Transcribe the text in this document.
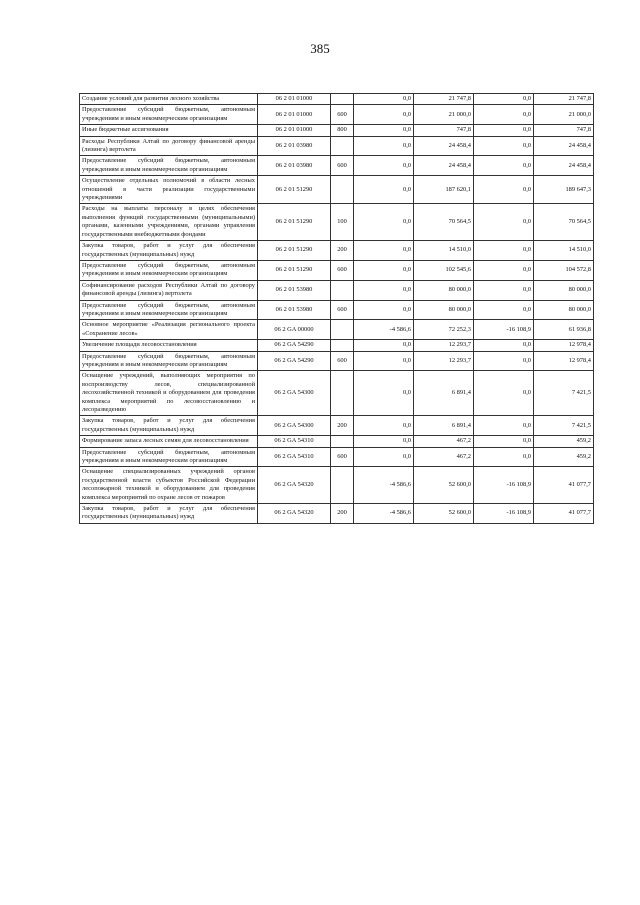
385
Создание условий для развития лесного хозяйства	06 2 01 01000		0,0	21 747,8	0,0	21 747,8
Предоставление субсидий бюджетным, автономным учреждениям и иным некоммерческим организациям	06 2 01 01000	600	0,0	21 000,0	0,0	21 000,0
Иные бюджетные ассигнования	06 2 01 01000	800	0,0	747,8	0,0	747,8
Расходы Республики Алтай по договору финансовой аренды (лизинга) вертолета	06 2 01 03980		0,0	24 458,4	0,0	24 458,4
Предоставление субсидий бюджетным, автономным учреждениям и иным некоммерческим организациям	06 2 01 03980	600	0,0	24 458,4	0,0	24 458,4
Осуществление отдельных полномочий в области лесных отношений в части реализации государственными учреждениями	06 2 01 51290		0,0	187 620,1	0,0	189 647,3
Расходы на выплаты персоналу в целях обеспечения выполнения функций государственными (муниципальными) органами, казенными учреждениями, органами управления государственными внебюджетными фондами	06 2 01 51290	100	0,0	70 564,5	0,0	70 564,5
Закупка товаров, работ и услуг для обеспечения государственных (муниципальных) нужд	06 2 01 51290	200	0,0	14 510,0	0,0	14 510,0
Предоставление субсидий бюджетным, автономным учреждениям и иным некоммерческим организациям	06 2 01 51290	600	0,0	102 545,6	0,0	104 572,8
Софинансирование расходов Республики Алтай по договору финансовой аренды (лизинга) вертолета	06 2 01 53980		0,0	80 000,0	0,0	80 000,0
Предоставление субсидий бюджетным, автономным учреждениям и иным некоммерческим организациям	06 2 01 53980	600	0,0	80 000,0	0,0	80 000,0
Основное мероприятие «Реализация регионального проекта «Сохранение лесов»	06 2 GA 00000		-4 586,6	72 252,3	-16 108,9	61 936,8
Увеличение площади лесовосстановления	06 2 GA 54290		0,0	12 293,7	0,0	12 978,4
Предоставление субсидий бюджетным, автономным учреждениям и иным некоммерческим организациям	06 2 GA 54290	600	0,0	12 293,7	0,0	12 978,4
Оснащение учреждений, выполняющих мероприятия по воспроизводству лесов, специализированной лесохозяйственной техникой и оборудованием для проведения комплекса мероприятий по лесовосстановлению и лесоразведению	06 2 GA 54300		0,0	6 891,4	0,0	7 421,5
Закупка товаров, работ и услуг для обеспечения государственных (муниципальных) нужд	06 2 GA 54300	200	0,0	6 891,4	0,0	7 421,5
Формирование запаса лесных семян для лесовосстановления	06 2 GA 54310		0,0	467,2	0,0	459,2
Предоставление субсидий бюджетным, автономным учреждениям и иным некоммерческим организациям	06 2 GA 54310	600	0,0	467,2	0,0	459,2
Оснащение специализированных учреждений органов государственной власти субъектов Российской Федерации лесопожарной техникой и оборудованием для проведения комплекса мероприятий по охране лесов от пожаров	06 2 GA 54320		-4 586,6	52 600,0	-16 108,9	41 077,7
Закупка товаров, работ и услуг для обеспечения государственных (муниципальных) нужд	06 2 GA 54320	200	-4 586,6	52 600,0	-16 108,9	41 077,7
